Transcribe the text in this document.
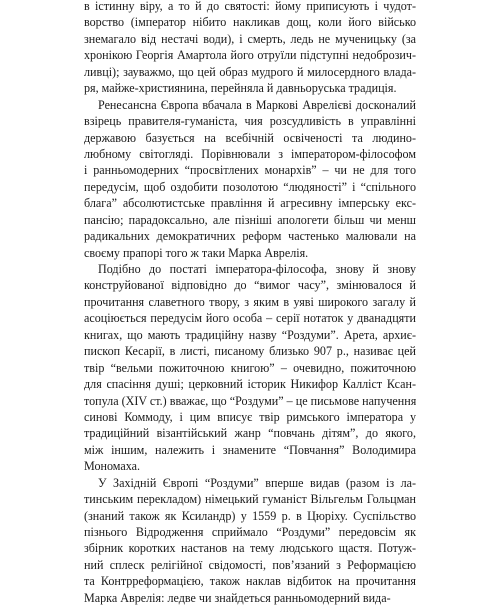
в істинну віру, а то й до святості: йому приписують і чудот-
ворство (імператор нібито накликав дощ, коли його військо
знемагало від нестачі води), і смерть, ледь не мученицьку (за
хронікою Георгія Амартола його отруїли підступні недоброзич-
ливці); зауважмо, що цей образ мудрого й милосердного влада-
ря, майже-християнина, перейняла й давньоруська традиція.
Ренесансна Європа вбачала в Маркові Аврелієві досконалий
взірець правителя-гуманіста, чия розсудливість в управлінні
державою базується на всебічній освіченості та людино-
любному світогляді. Порівнювали з імператором-філософом
і ранньомодерних “просвітлених монархів” – чи не для того
передусім, щоб оздобити позолотою “людяності” і “спільного
блага” абсолютистське правління й агресивну імперську екс-
пансію; парадоксально, але пізніші апологети більш чи менш
радикальних демократичних реформ частенько малювали на
своєму прапорі того ж таки Марка Аврелія.
Подібно до постаті імператора-філософа, знову й знову
конструйованої відповідно до “вимог часу”, змінювалося й
прочитання славетного твору, з яким в уяві широкого загалу й
асоціюється передусім його особа – серії нотаток у дванадцяти
книгах, що мають традиційну назву “Роздуми”. Арета, архиє-
пископ Кесарії, в листі, писаному близько 907 р., називає цей
твір “вельми пожиточною книгою” – очевидно, пожиточною
для спасіння душі; церковний історик Никифор Калліст Ксан-
топула (XIV ст.) вважає, що “Роздуми” – це письмове напучення
синові Коммоду, і цим вписує твір римського імператора у
традиційний візантійський жанр “повчань дітям”, до якого,
між іншим, належить і знамените “Повчання” Володимира
Мономаха.
У Західній Європі “Роздуми” вперше видав (разом із ла-
тинським перекладом) німецький гуманіст Вільгельм Гольцман
(знаний також як Ксиландр) у 1559 р. в Цюріху. Суспільство
пізнього Відродження сприймало “Роздуми” передовсім як
збірник коротких настанов на тему людського щастя. Потуж-
ний сплеск релігійної свідомості, пов’язаний з Реформацією
та Контрреформацією, також наклав відбиток на прочитання
Марка Аврелія: ледве чи знайдеться ранньомодерний вида-
